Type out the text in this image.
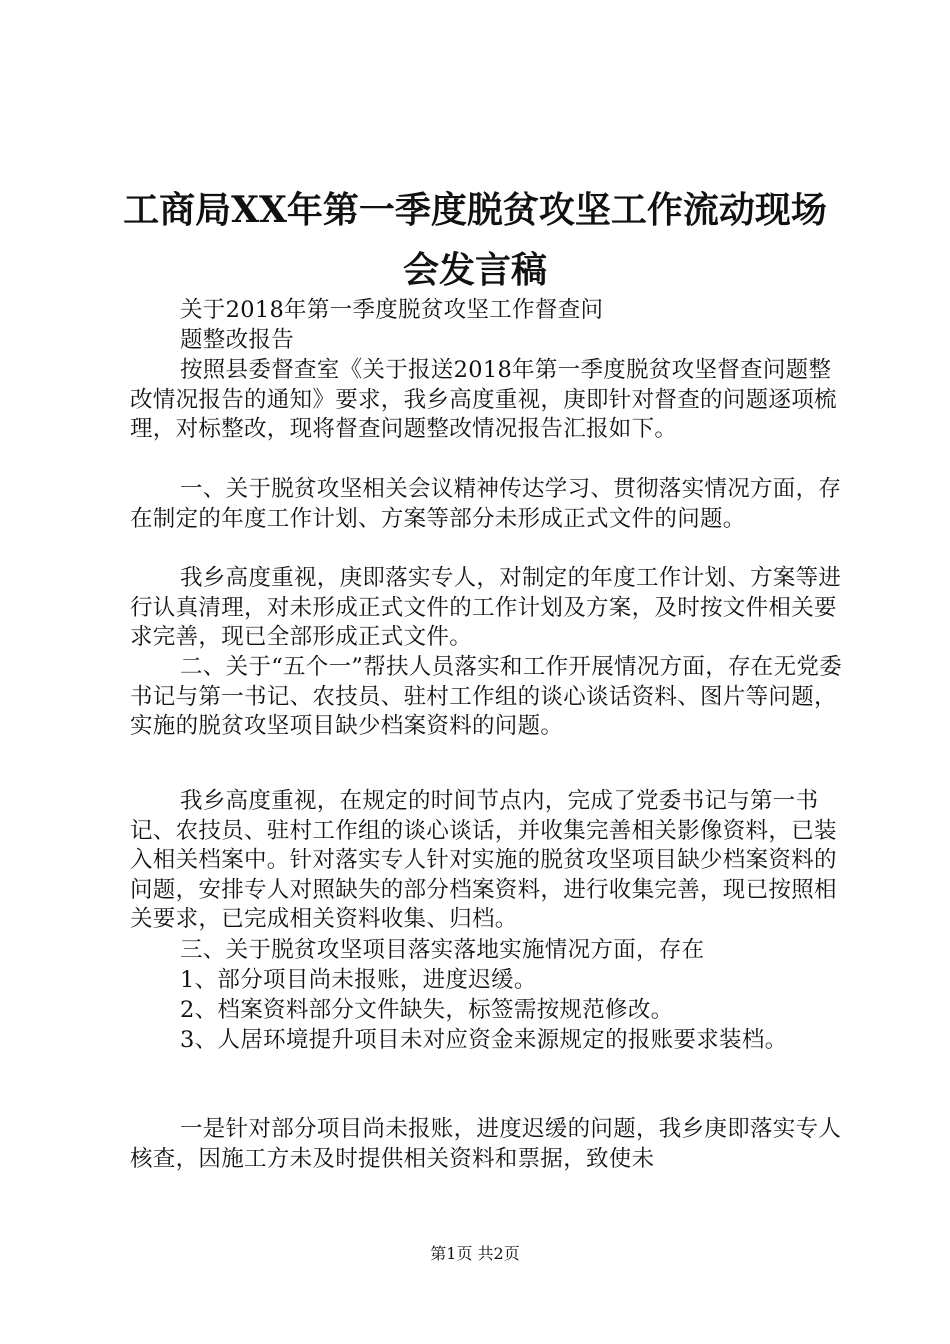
工商局XX年第一季度脱贫攻坚工作流动现场
会发言稿
关于2018年第一季度脱贫攻坚工作督查问
题整改报告
按照县委督查室《关于报送2018年第一季度脱贫攻坚督查问题整改情况报告的通知》要求，我乡高度重视，庚即针对督查的问题逐项梳理，对标整改，现将督查问题整改情况报告汇报如下。
一、关于脱贫攻坚相关会议精神传达学习、贯彻落实情况方面，存在制定的年度工作计划、方案等部分未形成正式文件的问题。
我乡高度重视，庚即落实专人，对制定的年度工作计划、方案等进行认真清理，对未形成正式文件的工作计划及方案，及时按文件相关要求完善，现已全部形成正式文件。
二、关于“五个一”帮扶人员落实和工作开展情况方面，存在无党委书记与第一书记、农技员、驻村工作组的谈心谈话资料、图片等问题，实施的脱贫攻坚项目缺少档案资料的问题。
我乡高度重视，在规定的时间节点内，完成了党委书记与第一书记、农技员、驻村工作组的谈心谈话，并收集完善相关影像资料，已装入相关档案中。针对落实专人针对实施的脱贫攻坚项目缺少档案资料的问题，安排专人对照缺失的部分档案资料，进行收集完善，现已按照相关要求，已完成相关资料收集、归档。
三、关于脱贫攻坚项目落实落地实施情况方面，存在
1、部分项目尚未报账，进度迟缓。
2、档案资料部分文件缺失，标签需按规范修改。
3、人居环境提升项目未对应资金来源规定的报账要求装档。
一是针对部分项目尚未报账，进度迟缓的问题，我乡庚即落实专人核查，因施工方未及时提供相关资料和票据，致使未
第1页 共2页
